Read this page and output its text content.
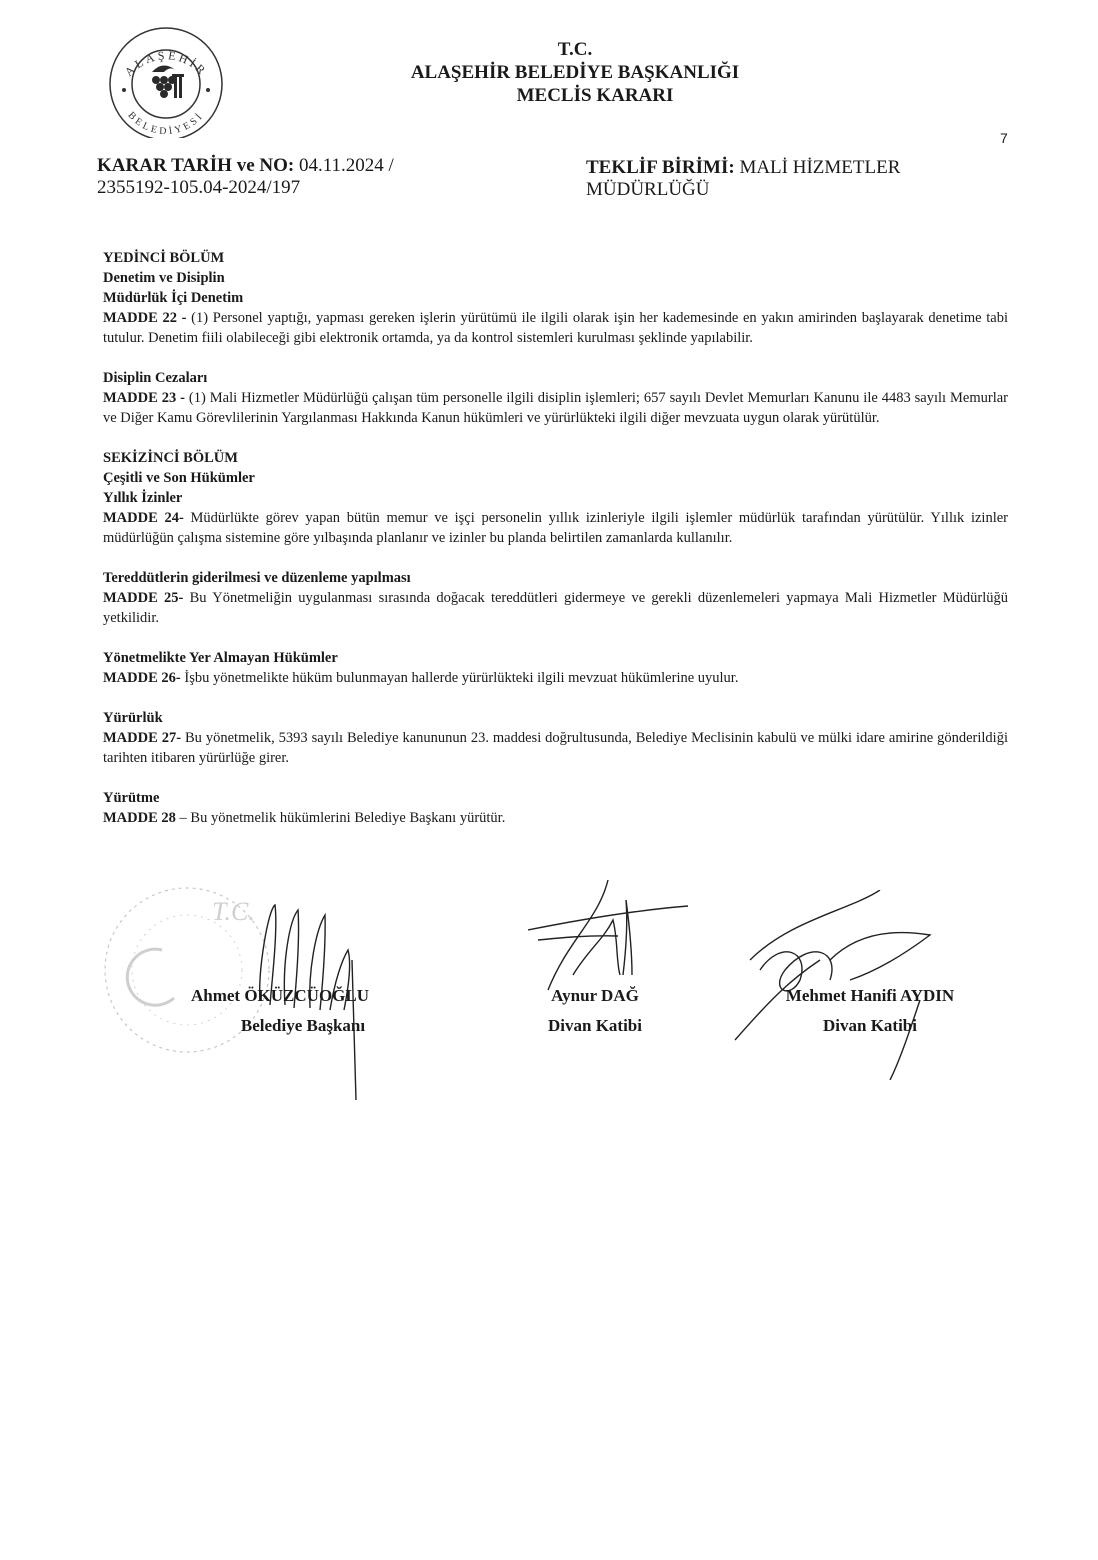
ALAŞEHİR
BELEDİYESİ
T.C.
ALAŞEHİR BELEDİYE BAŞKANLIĞI
MECLİS KARARI
7
KARAR TARİH ve NO: 04.11.2024 /
2355192-105.04-2024/197
TEKLİF BİRİMİ: MALİ HİZMETLER
MÜDÜRLÜĞÜ
YEDİNCİ BÖLÜM
Denetim ve Disiplin
Müdürlük İçi Denetim
MADDE 22 - (1) Personel yaptığı, yapması gereken işlerin yürütümü ile ilgili olarak işin her kademesinde en yakın amirinden başlayarak denetime tabi tutulur. Denetim fiili olabileceği gibi elektronik ortamda, ya da kontrol sistemleri kurulması şeklinde yapılabilir.
Disiplin Cezaları
MADDE 23 - (1) Mali Hizmetler Müdürlüğü çalışan tüm personelle ilgili disiplin işlemleri; 657 sayılı Devlet Memurları Kanunu ile 4483 sayılı Memurlar ve Diğer Kamu Görevlilerinin Yargılanması Hakkında Kanun hükümleri ve yürürlükteki ilgili diğer mevzuata uygun olarak yürütülür.
SEKİZİNCİ BÖLÜM
Çeşitli ve Son Hükümler
Yıllık İzinler
MADDE 24- Müdürlükte görev yapan bütün memur ve işçi personelin yıllık izinleriyle ilgili işlemler müdürlük tarafından yürütülür. Yıllık izinler müdürlüğün çalışma sistemine göre yılbaşında planlanır ve izinler bu planda belirtilen zamanlarda kullanılır.
Tereddütlerin giderilmesi ve düzenleme yapılması
MADDE 25- Bu Yönetmeliğin uygulanması sırasında doğacak tereddütleri gidermeye ve gerekli düzenlemeleri yapmaya Mali Hizmetler Müdürlüğü yetkilidir.
Yönetmelikte Yer Almayan Hükümler
MADDE 26- İşbu yönetmelikte hüküm bulunmayan hallerde yürürlükteki ilgili mevzuat hükümlerine uyulur.
Yürürlük
MADDE 27- Bu yönetmelik, 5393 sayılı Belediye kanununun 23. maddesi doğrultusunda, Belediye Meclisinin kabulü ve mülki idare amirine gönderildiği tarihten itibaren yürürlüğe girer.
Yürütme
MADDE 28 – Bu yönetmelik hükümlerini Belediye Başkanı yürütür.
T.C.
Ahmet ÖKÜZCÜOĞLU
Belediye Başkanı
Aynur DAĞ
Divan Katibi
Mehmet Hanifi AYDIN
Divan Katibi
